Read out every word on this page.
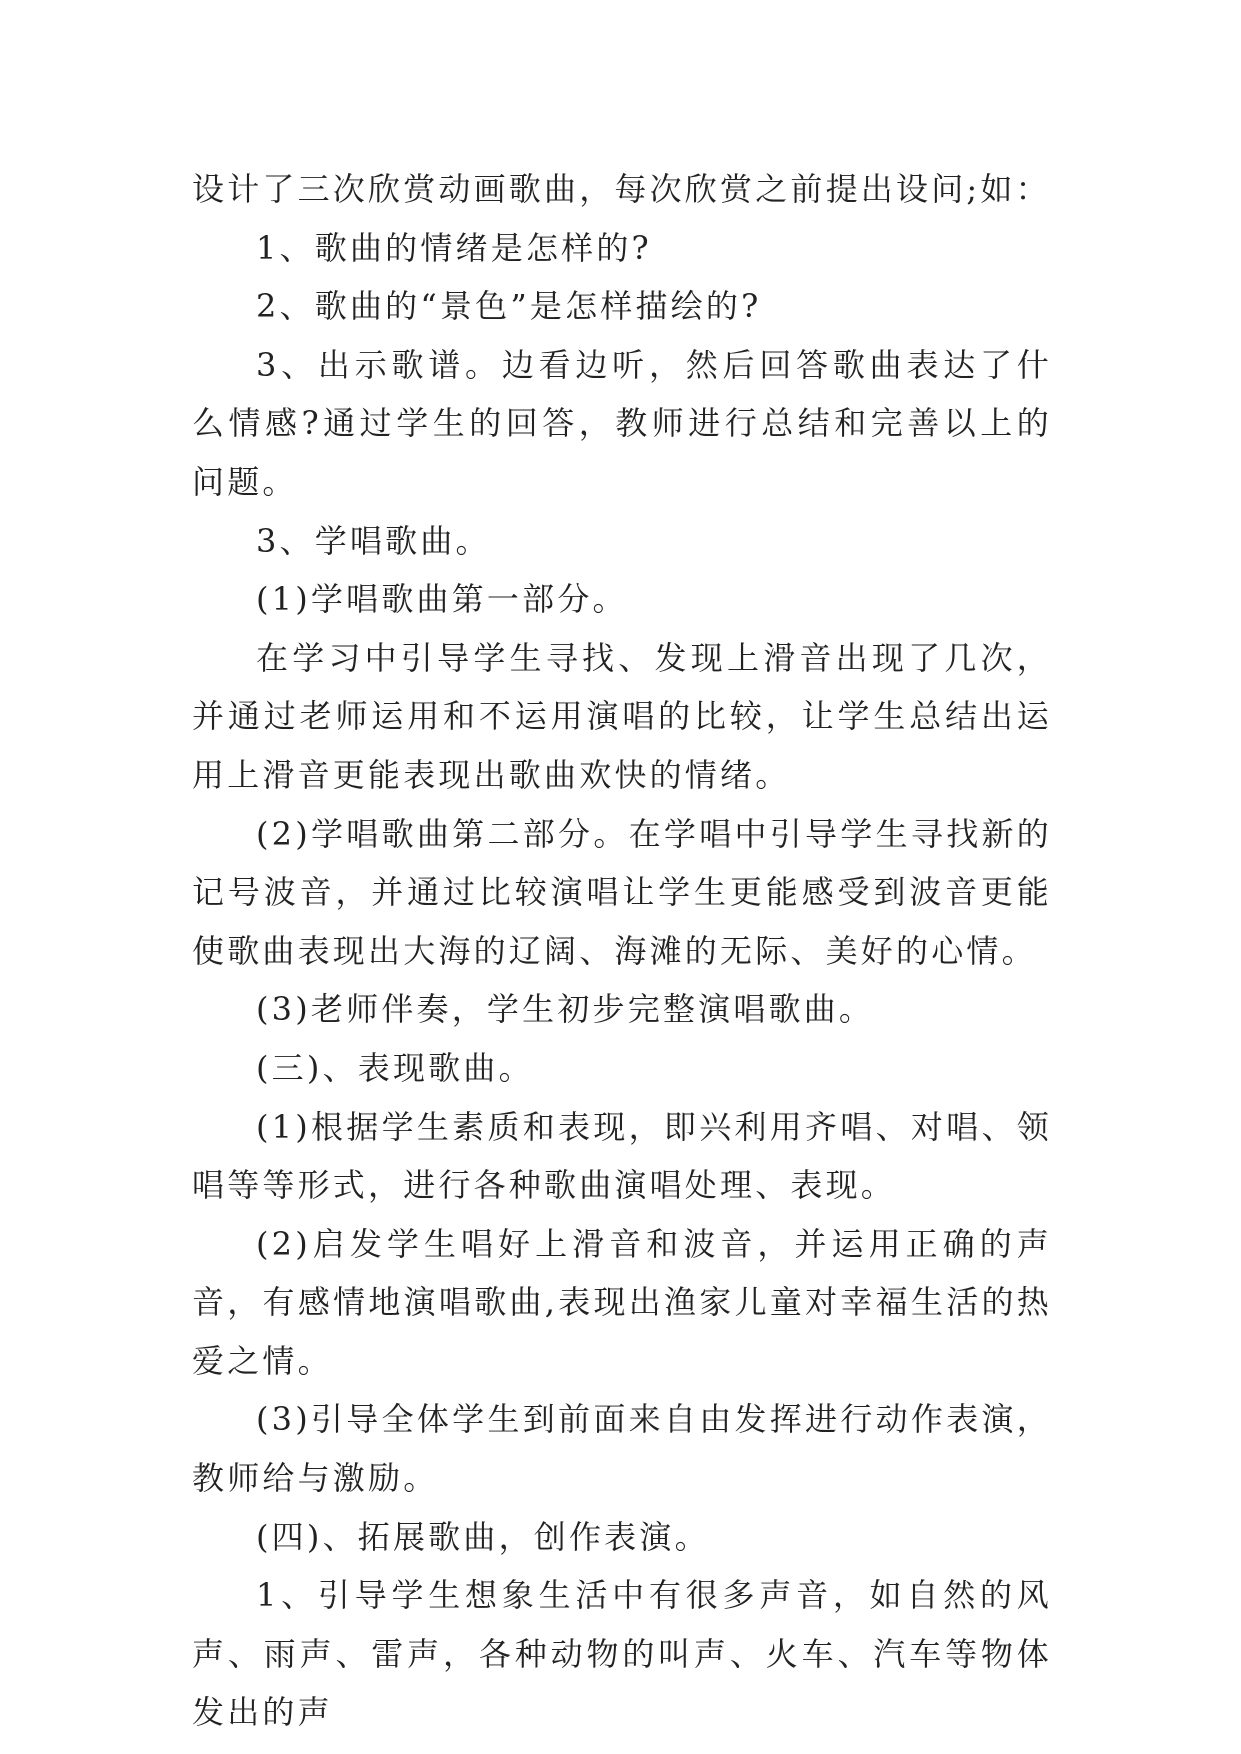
设计了三次欣赏动画歌曲，每次欣赏之前提出设问;如：

1、歌曲的情绪是怎样的?

2、歌曲的“景色”是怎样描绘的?

3、出示歌谱。边看边听，然后回答歌曲表达了什么情感?通过学生的回答，教师进行总结和完善以上的问题。

3、学唱歌曲。

(1)学唱歌曲第一部分。

在学习中引导学生寻找、发现上滑音出现了几次，并通过老师运用和不运用演唱的比较，让学生总结出运用上滑音更能表现出歌曲欢快的情绪。

(2)学唱歌曲第二部分。在学唱中引导学生寻找新的记号波音，并通过比较演唱让学生更能感受到波音更能使歌曲表现出大海的辽阔、海滩的无际、美好的心情。

(3)老师伴奏，学生初步完整演唱歌曲。

(三)、表现歌曲。

(1)根据学生素质和表现，即兴利用齐唱、对唱、领唱等等形式，进行各种歌曲演唱处理、表现。

(2)启发学生唱好上滑音和波音，并运用正确的声音，有感情地演唱歌曲,表现出渔家儿童对幸福生活的热爱之情。

(3)引导全体学生到前面来自由发挥进行动作表演，教师给与激励。

(四)、拓展歌曲，创作表演。

1、引导学生想象生活中有很多声音，如自然的风声、雨声、雷声，各种动物的叫声、火车、汽车等物体发出的声
